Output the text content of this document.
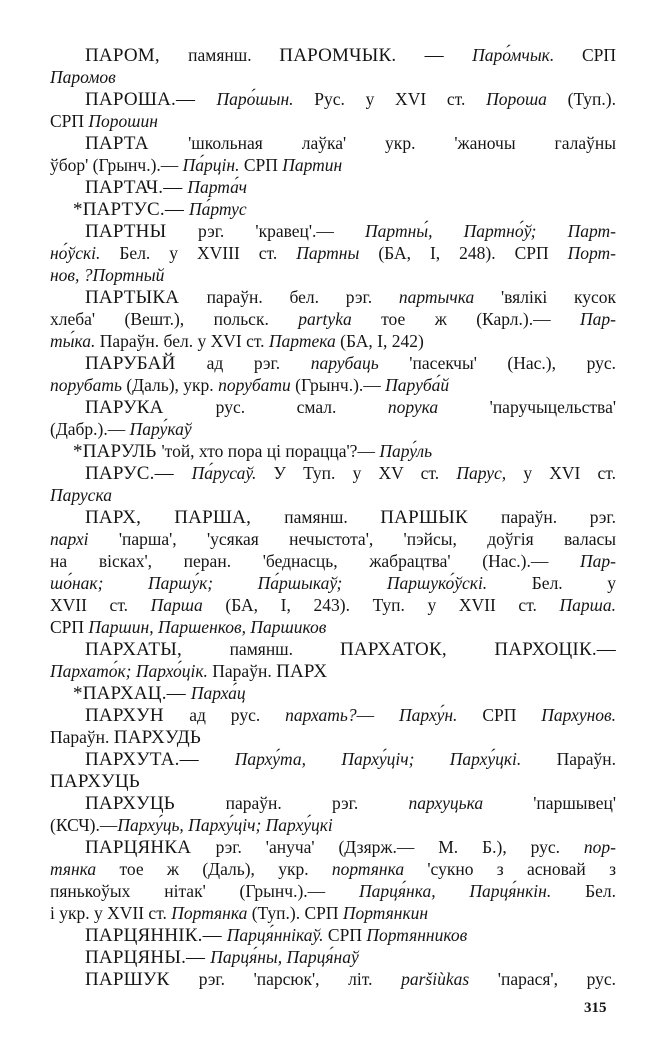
ПАРОМ, памянш. ПАРОМЧЫК. — Паро́мчык. СРП
Паромов
ПАРОША.— Паро́шын. Рус. у XVI ст. Пороша (Туп.).
СРП Порошин
ПАРТА 'школьная лаўка' укр. 'жаночы галаўны
ўбор' (Грынч.).— Па́рцін. СРП Партин
ПАРТАЧ.— Парта́ч
*ПАРТУС.— Па́ртус
ПАРТНЫ рэг. 'кравец'.— Партны́, Партно́ў; Парт-
но́ўскі. Бел. у XVIII ст. Партны (БА, I, 248). СРП Порт-
нов, ?Портный
ПАРТЫКА параўн. бел. рэг. партычка 'вялікі кусок
хлеба' (Вешт.), польск. partyka тое ж (Карл.).— Пар-
ты́ка. Параўн. бел. у XVI ст. Партека (БА, I, 242)
ПАРУБАЙ ад рэг. парубаць 'пасекчы' (Нас.), рус.
порубать (Даль), укр. порубати (Грынч.).— Паруба́й
ПАРУКА рус. смал. порука 'паручыцельства'
(Дабр.).— Пару́каў
*ПАРУЛЬ 'той, хто пора ці пораццa'?— Пару́ль
ПАРУС.— Па́русаў. У Туп. у XV ст. Парус, у XVI ст.
Паруска
ПАРХ, ПАРША, памянш. ПАРШЫК параўн. рэг.
пархі 'парша', 'усякая нечыстота', 'пэйсы, доўгія валасы
на вісках', перан. 'беднасць, жабрацтва' (Нас.).— Пар-
шо́нак; Паршу́к; Па́ршыкаў; Паршуко́ўскі. Бел. у
XVII ст. Парша (БА, I, 243). Туп. у XVII ст. Парша.
СРП Паршин, Паршенков, Паршиков
ПАРХАТЫ, памянш. ПАРХАТОК, ПАРХОЦІК.—
Пархато́к; Пархо́цік. Параўн. ПАРХ
*ПАРХАЦ.— Парха́ц
ПАРХУН ад рус. пархать?— Парху́н. СРП Пархунов.
Параўн. ПАРХУДЬ
ПАРХУТА.— Парху́та, Парху́ціч; Парху́цкі. Параўн.
ПАРХУЦЬ
ПАРХУЦЬ параўн. рэг. пархуцька 'паршывец'
(КСЧ).—Парху́ць, Парху́ціч; Парху́цкі
ПАРЦЯНКА рэг. 'ануча' (Дзярж.— М. Б.), рус. пор-
тянка тое ж (Даль), укр. портянка 'сукно з асновай з
пянькоўых нітак' (Грынч.).— Парця́нка, Парця́нкін. Бел.
і укр. у XVII ст. Портянка (Туп.). СРП Портянкин
ПАРЦЯННІК.— Парця́ннікаў. СРП Портянников
ПАРЦЯНЫ.— Парця́ны, Парця́наў
ПАРШУК рэг. 'парсюк', літ. paršiùkas 'парася', рус.
315
